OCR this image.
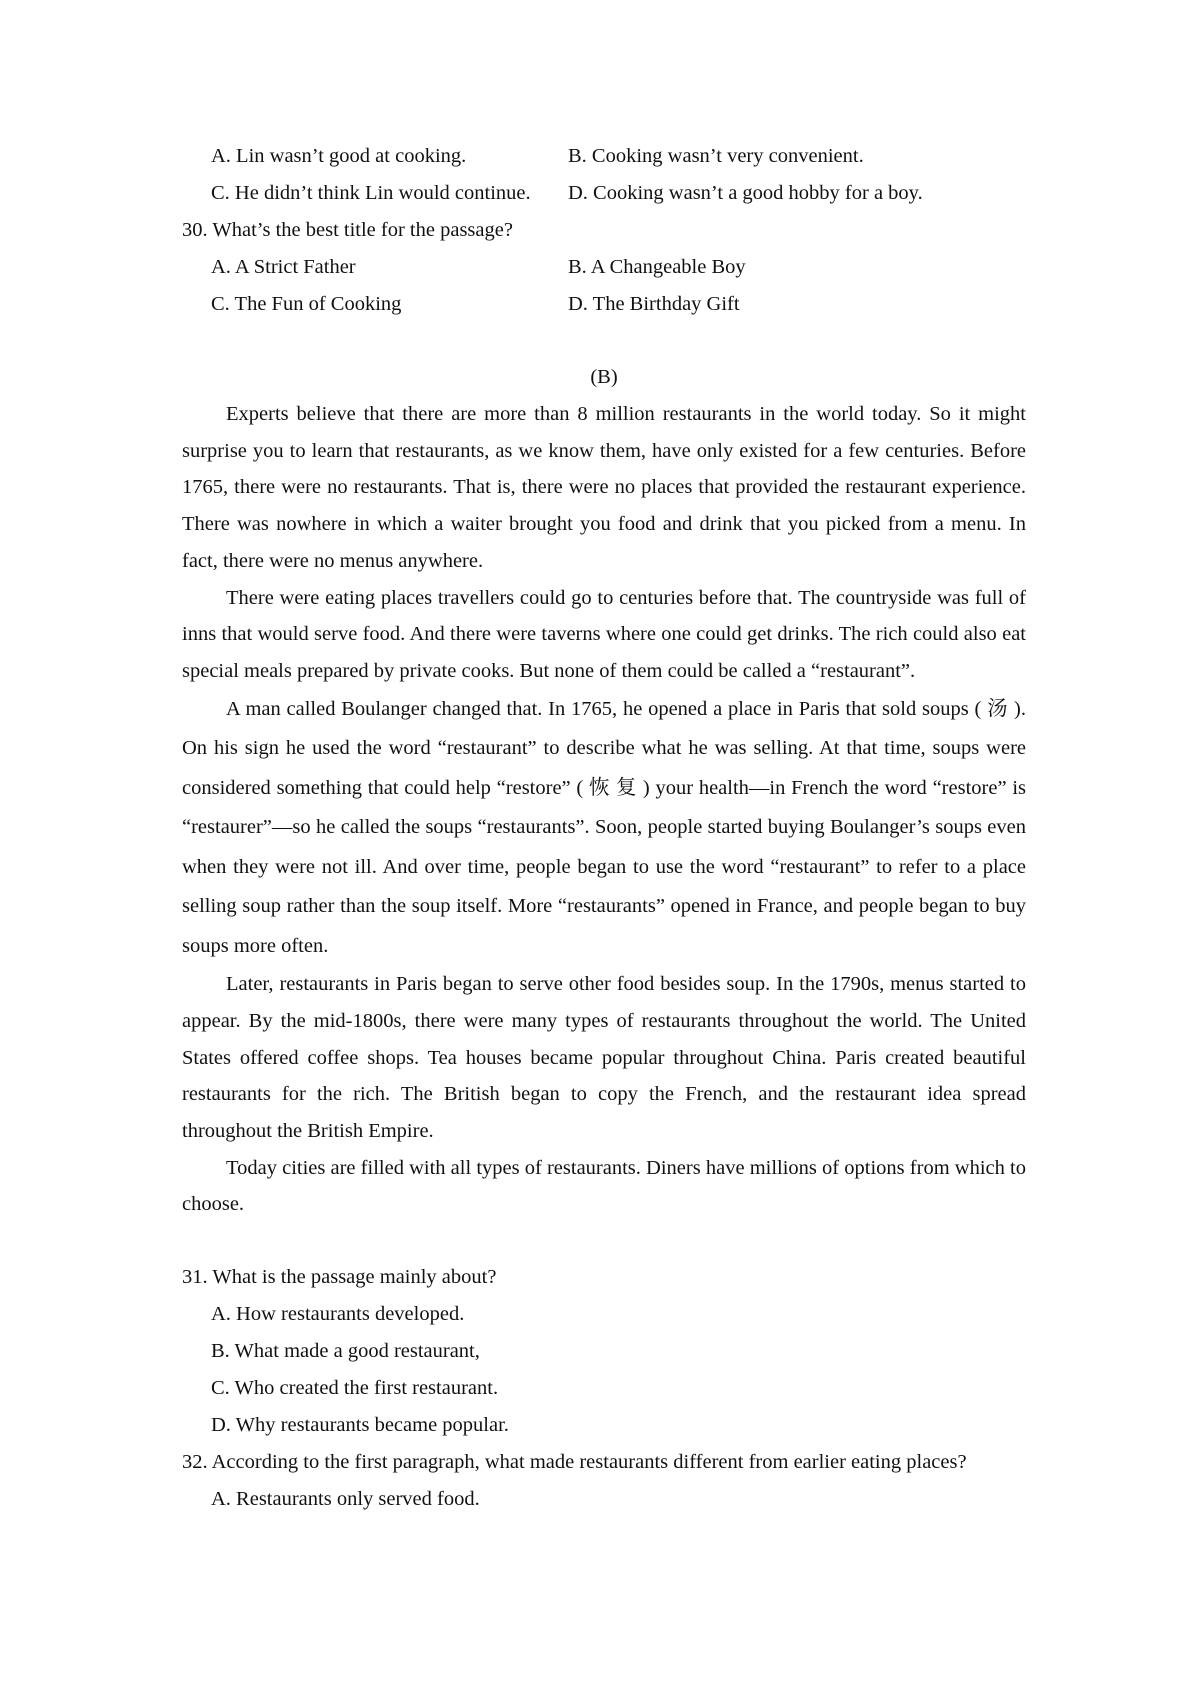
A. Lin wasn’t good at cooking.	B. Cooking wasn’t very convenient.
C. He didn’t think Lin would continue.	D. Cooking wasn’t a good hobby for a boy.
30. What’s the best title for the passage?
A. A Strict Father	B. A Changeable Boy
C. The Fun of Cooking	D. The Birthday Gift
(B)

Experts believe that there are more than 8 million restaurants in the world today. So it might surprise you to learn that restaurants, as we know them, have only existed for a few centuries. Before 1765, there were no restaurants. That is, there were no places that provided the restaurant experience. There was nowhere in which a waiter brought you food and drink that you picked from a menu. In fact, there were no menus anywhere.

There were eating places travellers could go to centuries before that. The countryside was full of inns that would serve food. And there were taverns where one could get drinks. The rich could also eat special meals prepared by private cooks. But none of them could be called a “restaurant”.

A man called Boulanger changed that. In 1765, he opened a place in Paris that sold soups ( 汤 ). On his sign he used the word “restaurant” to describe what he was selling. At that time, soups were considered something that could help “restore” ( 恢 复 ) your health—in French the word “restore” is “restaurer”—so he called the soups “restaurants”. Soon, people started buying Boulanger’s soups even when they were not ill. And over time, people began to use the word “restaurant” to refer to a place selling soup rather than the soup itself. More “restaurants” opened in France, and people began to buy soups more often.

Later, restaurants in Paris began to serve other food besides soup. In the 1790s, menus started to appear. By the mid-1800s, there were many types of restaurants throughout the world. The United States offered coffee shops. Tea houses became popular throughout China. Paris created beautiful restaurants for the rich. The British began to copy the French, and the restaurant idea spread throughout the British Empire.

Today cities are filled with all types of restaurants. Diners have millions of options from which to choose.

31. What is the passage mainly about?
A. How restaurants developed.
B. What made a good restaurant,
C. Who created the first restaurant.
D. Why restaurants became popular.
32. According to the first paragraph, what made restaurants different from earlier eating places?
A. Restaurants only served food.
